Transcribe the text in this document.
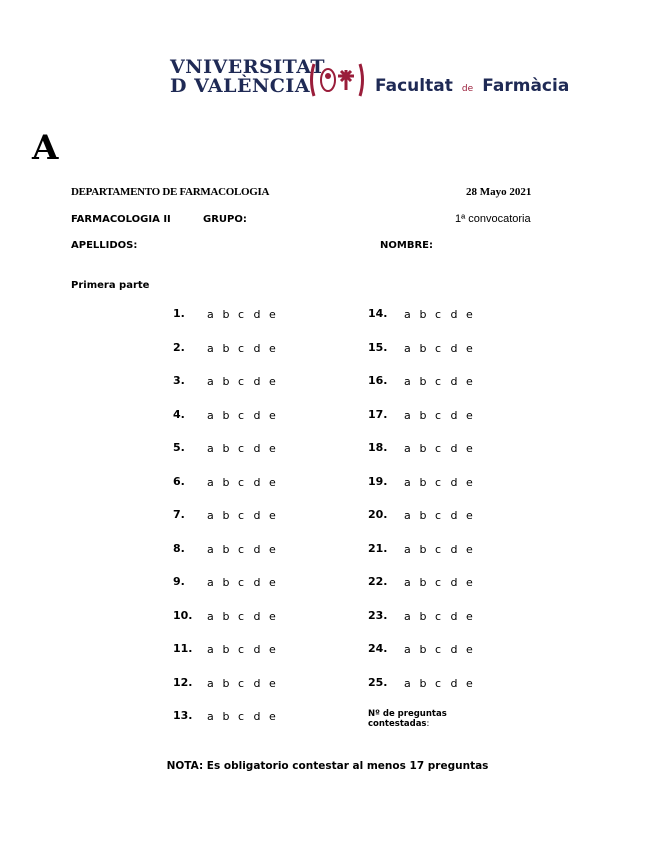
VNIVERSITAT
D VALÈNCIA	Facultat de Farmàcia
A
DEPARTAMENTO DE FARMACOLOGIA	28 Mayo 2021
FARMACOLOGIA II	GRUPO:	1ª convocatoria
APELLIDOS:	NOMBRE:
Primera parte
1. a b c d e
2. a b c d e
3. a b c d e
4. a b c d e
5. a b c d e
6. a b c d e
7. a b c d e
8. a b c d e
9. a b c d e
10. a b c d e
11. a b c d e
12. a b c d e
13. a b c d e
14. a b c d e
15. a b c d e
16. a b c d e
17. a b c d e
18. a b c d e
19. a b c d e
20. a b c d e
21. a b c d e
22. a b c d e
23. a b c d e
24. a b c d e
25. a b c d e
Nº de preguntas
contestadas:
NOTA: Es obligatorio contestar al menos 17 preguntas
